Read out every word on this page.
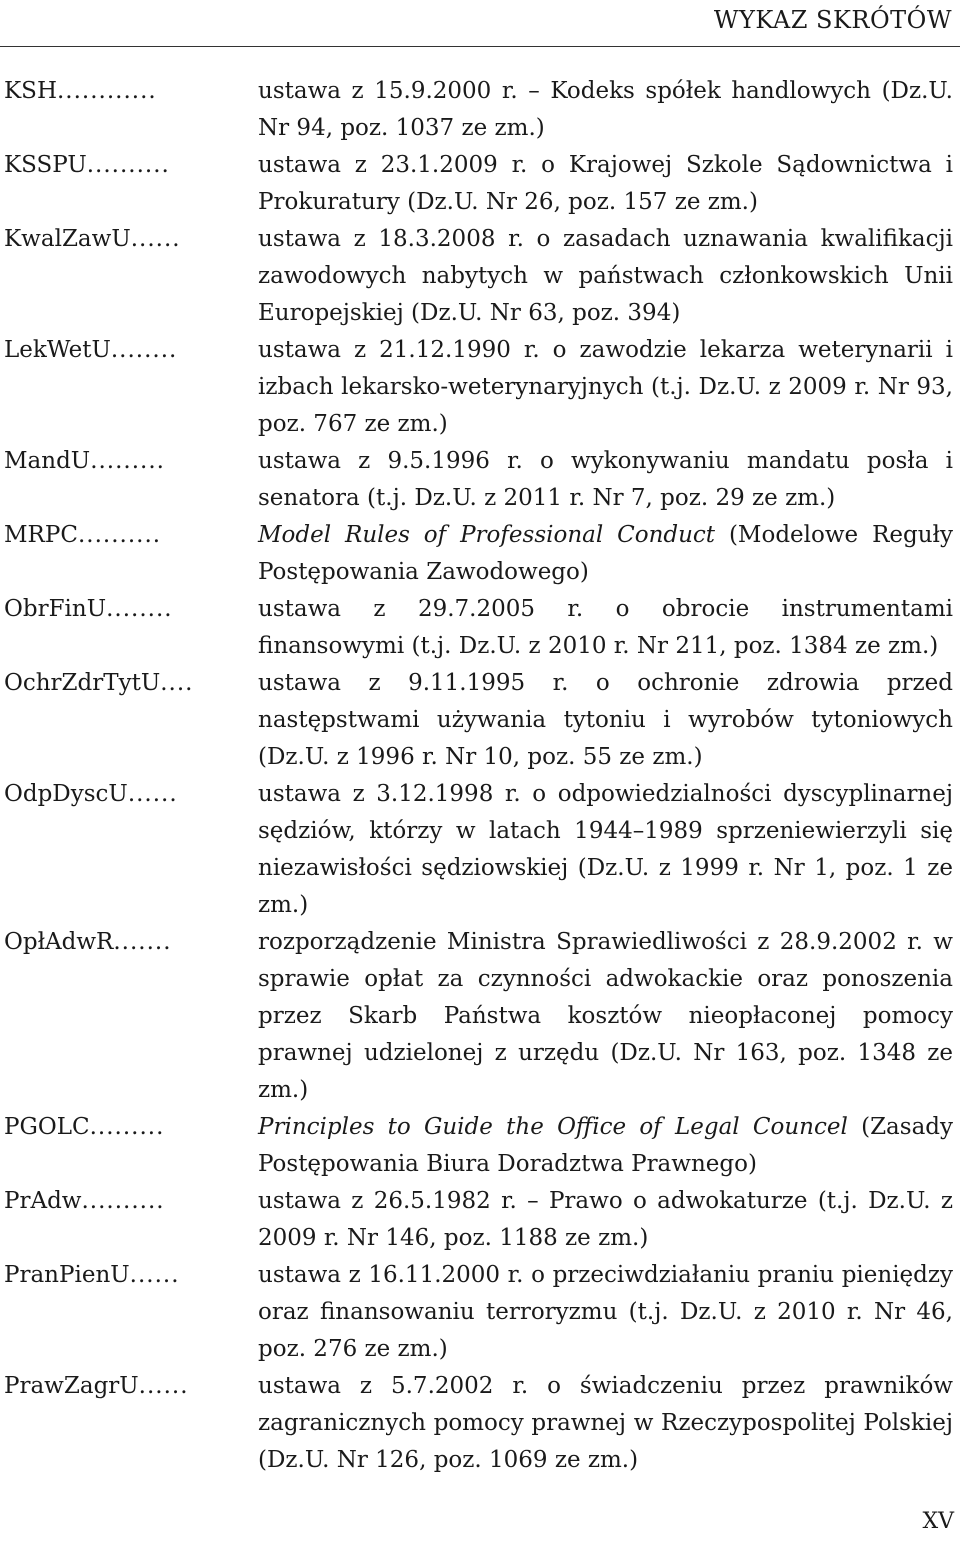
WYKAZ SKRÓTÓW
KSH............	ustawa z 15.9.2000 r. – Kodeks spółek handlowych (Dz.U. Nr 94, poz. 1037 ze zm.)
KSSPU..........	ustawa z 23.1.2009 r. o Krajowej Szkole Sądownictwa i Prokuratury (Dz.U. Nr 26, poz. 157 ze zm.)
KwalZawU......	ustawa z 18.3.2008 r. o zasadach uznawania kwalifikacji zawodowych nabytych w państwach członkowskich Unii Europejskiej (Dz.U. Nr 63, poz. 394)
LekWetU........	ustawa z 21.12.1990 r. o zawodzie lekarza weterynarii i izbach lekarsko-weterynaryjnych (t.j. Dz.U. z 2009 r. Nr 93, poz. 767 ze zm.)
MandU.........	ustawa z 9.5.1996 r. o wykonywaniu mandatu posła i senatora (t.j. Dz.U. z 2011 r. Nr 7, poz. 29 ze zm.)
MRPC..........	Model Rules of Professional Conduct (Modelowe Reguły Postępowania Zawodowego)
ObrFinU........	ustawa z 29.7.2005 r. o obrocie instrumentami finansowymi (t.j. Dz.U. z 2010 r. Nr 211, poz. 1384 ze zm.)
OchrZdrTytU....	ustawa z 9.11.1995 r. o ochronie zdrowia przed następstwami używania tytoniu i wyrobów tytoniowych (Dz.U. z 1996 r. Nr 10, poz. 55 ze zm.)
OdpDyscU......	ustawa z 3.12.1998 r. o odpowiedzialności dyscyplinarnej sędziów, którzy w latach 1944–1989 sprzeniewierzyli się niezawisłości sędziowskiej (Dz.U. z 1999 r. Nr 1, poz. 1 ze zm.)
OpłAdwR.......	rozporządzenie Ministra Sprawiedliwości z 28.9.2002 r. w sprawie opłat za czynności adwokackie oraz ponoszenia przez Skarb Państwa kosztów nieopłaconej pomocy prawnej udzielonej z urzędu (Dz.U. Nr 163, poz. 1348 ze zm.)
PGOLC.........	Principles to Guide the Office of Legal Councel (Zasady Postępowania Biura Doradztwa Prawnego)
PrAdw..........	ustawa z 26.5.1982 r. – Prawo o adwokaturze (t.j. Dz.U. z 2009 r. Nr 146, poz. 1188 ze zm.)
PranPienU......	ustawa z 16.11.2000 r. o przeciwdziałaniu praniu pieniędzy oraz finansowaniu terroryzmu (t.j. Dz.U. z 2010 r. Nr 46, poz. 276 ze zm.)
PrawZagrU......	ustawa z 5.7.2002 r. o świadczeniu przez prawników zagranicznych pomocy prawnej w Rzeczypospolitej Polskiej (Dz.U. Nr 126, poz. 1069 ze zm.)
XV
